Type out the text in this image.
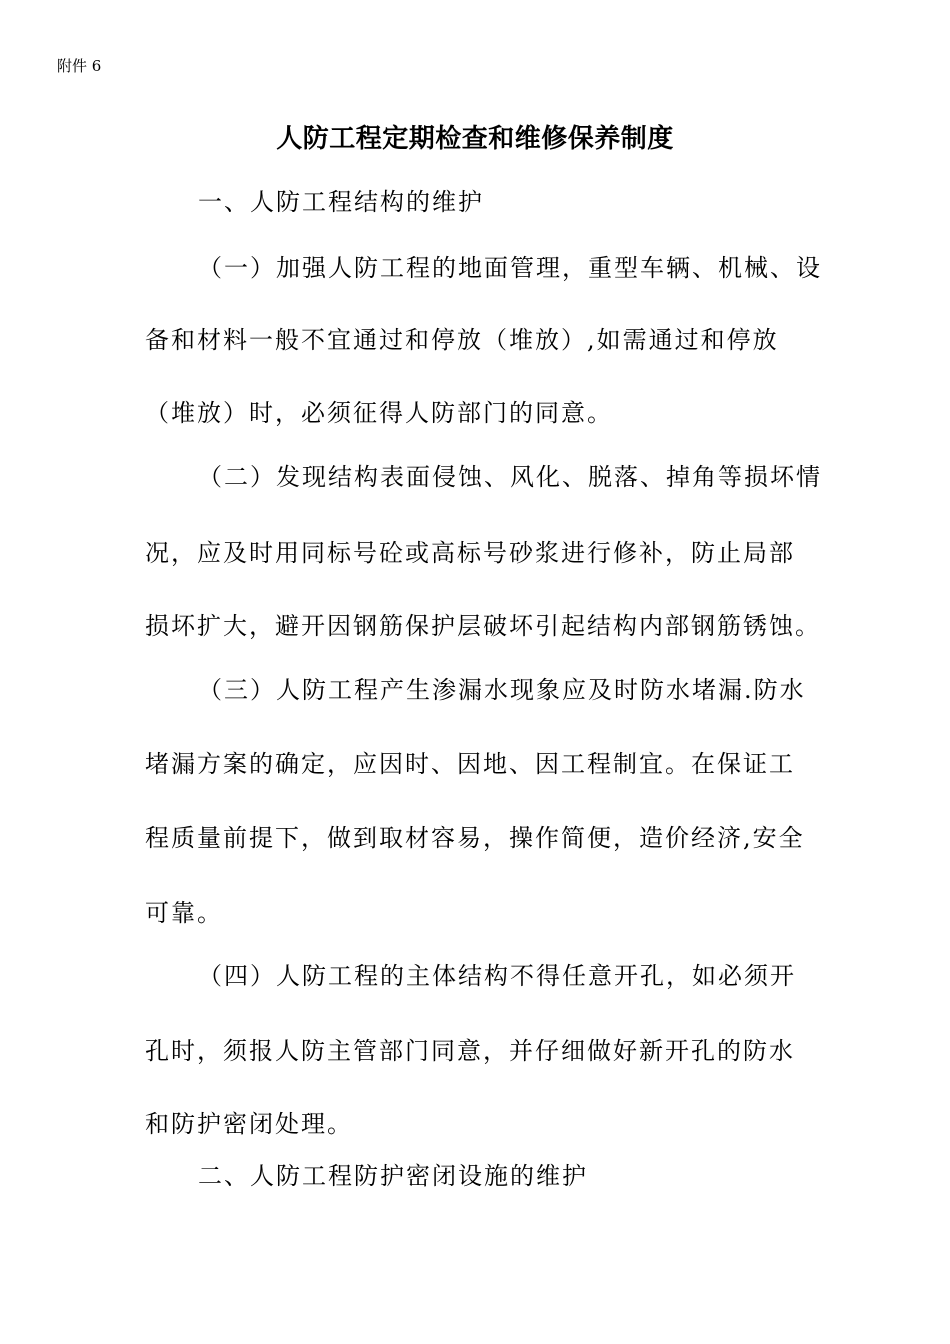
附件 6
人防工程定期检查和维修保养制度
一、人防工程结构的维护
（一）加强人防工程的地面管理，重型车辆、机械、设
备和材料一般不宜通过和停放（堆放）,如需通过和停放
（堆放）时，必须征得人防部门的同意。
（二）发现结构表面侵蚀、风化、脱落、掉角等损坏情
况，应及时用同标号砼或高标号砂浆进行修补，防止局部
损坏扩大，避开因钢筋保护层破坏引起结构内部钢筋锈蚀。
（三）人防工程产生渗漏水现象应及时防水堵漏.防水
堵漏方案的确定，应因时、因地、因工程制宜。在保证工
程质量前提下，做到取材容易，操作简便，造价经济,安全
可靠。
（四）人防工程的主体结构不得任意开孔，如必须开
孔时，须报人防主管部门同意，并仔细做好新开孔的防水
和防护密闭处理。
二、人防工程防护密闭设施的维护
